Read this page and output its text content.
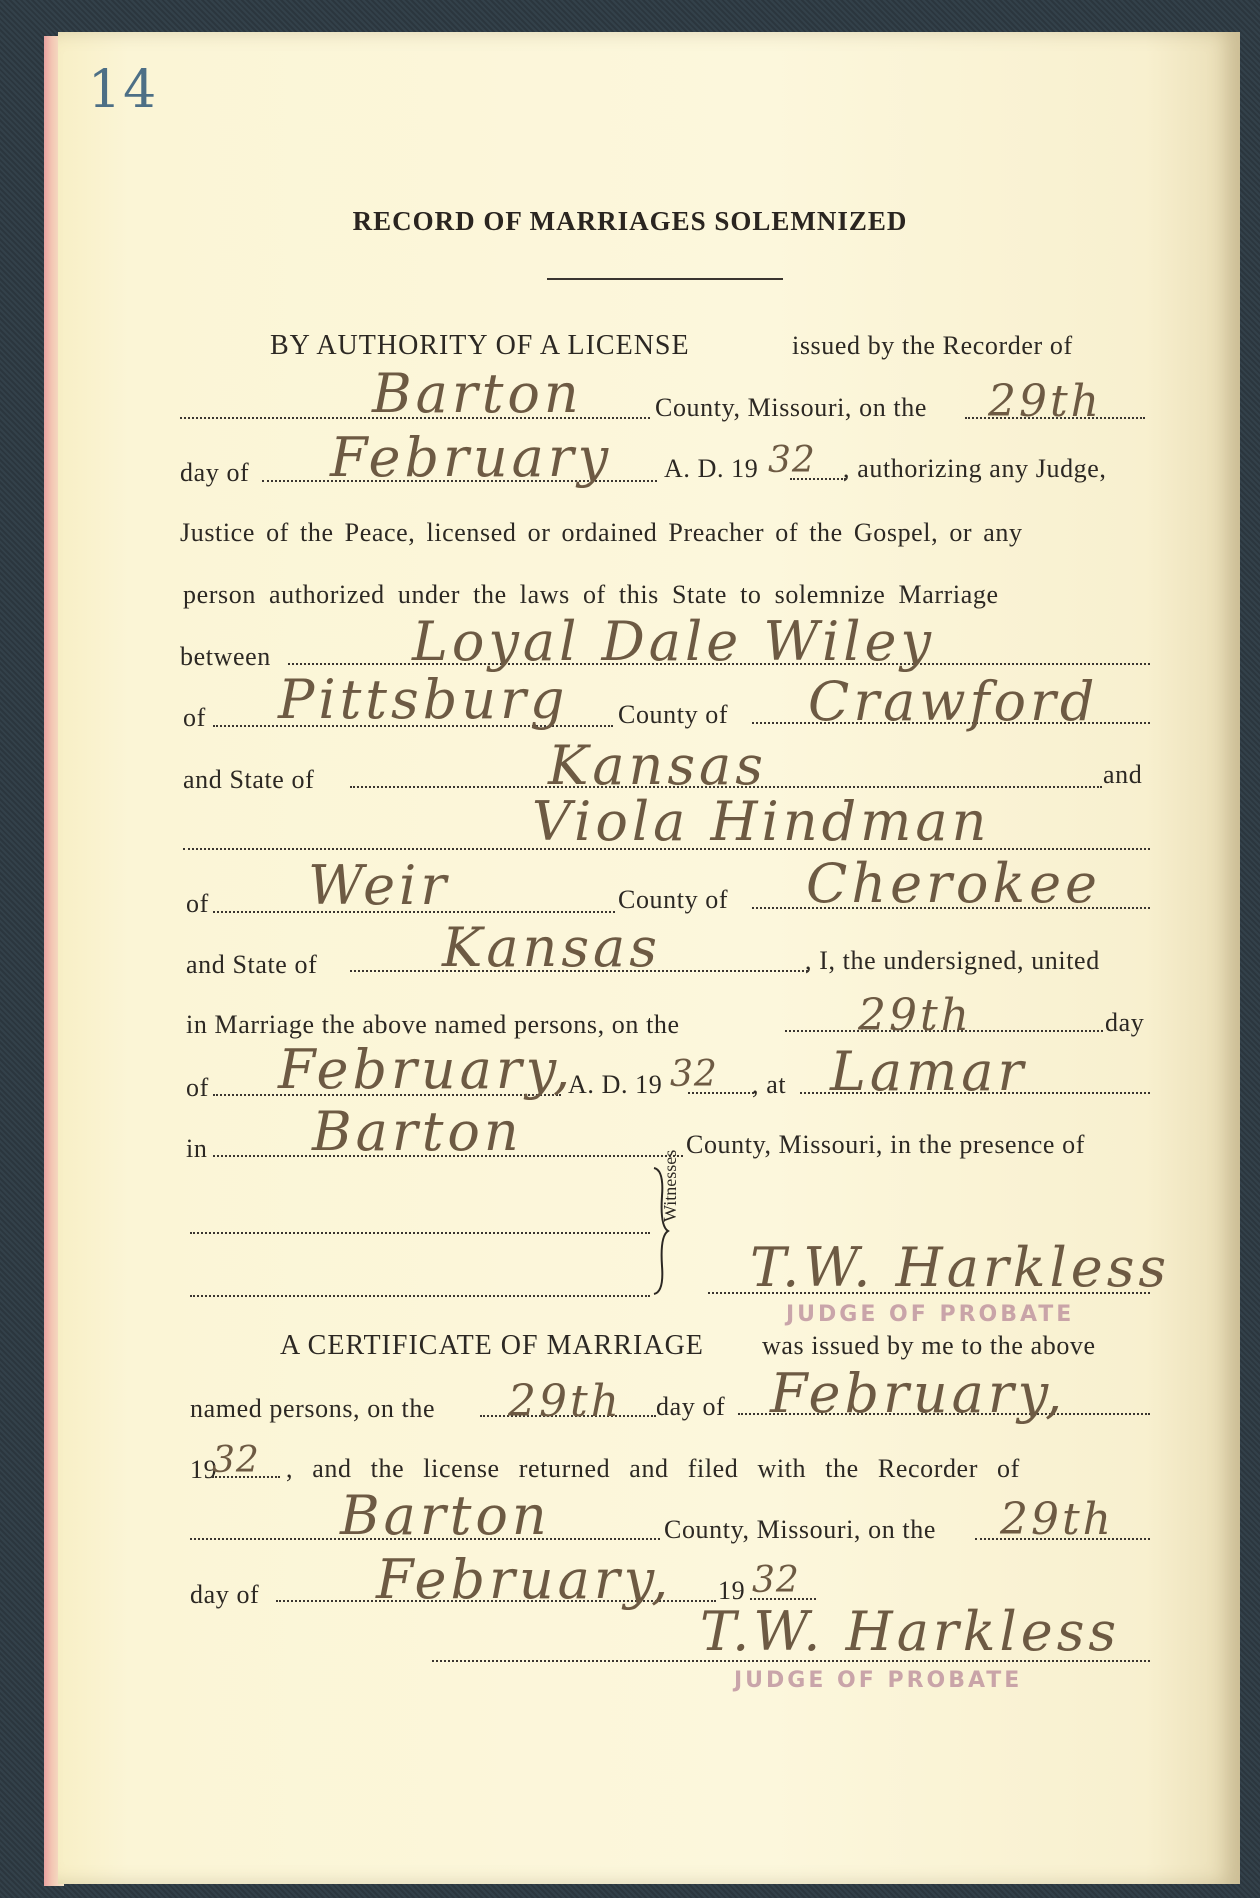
14
RECORD OF MARRIAGES SOLEMNIZED
BY AUTHORITY OF A LICENSE	issued by the Recorder of
Barton	County, Missouri, on the 29th
day of February A. D. 19 32 , authorizing any Judge,
Justice of the Peace, licensed or ordained Preacher of the Gospel, or any
person authorized under the laws of this State to solemnize Marriage
between	Loyal Dale Wiley
of Pittsburg County of Crawford
and State of	Kansas	and
Viola Hindman
of Weir	County of Cherokee
and State of Kansas	, I, the undersigned, united
in Marriage the above named persons, on the	29th	day
of February,
A. D. 19 32 , at Lamar
in Barton	County, Missouri, in the presence of
Witnesses
T.W. Harkless
JUDGE OF PROBATE
A CERTIFICATE OF MARRIAGE was issued by me to the above
named persons, on the 29th day of February,
19
32 , and the license returned and filed with the Recorder of
Barton	County, Missouri, on the 29th
day of February, 19 32
T.W. Harkless
JUDGE OF PROBATE
